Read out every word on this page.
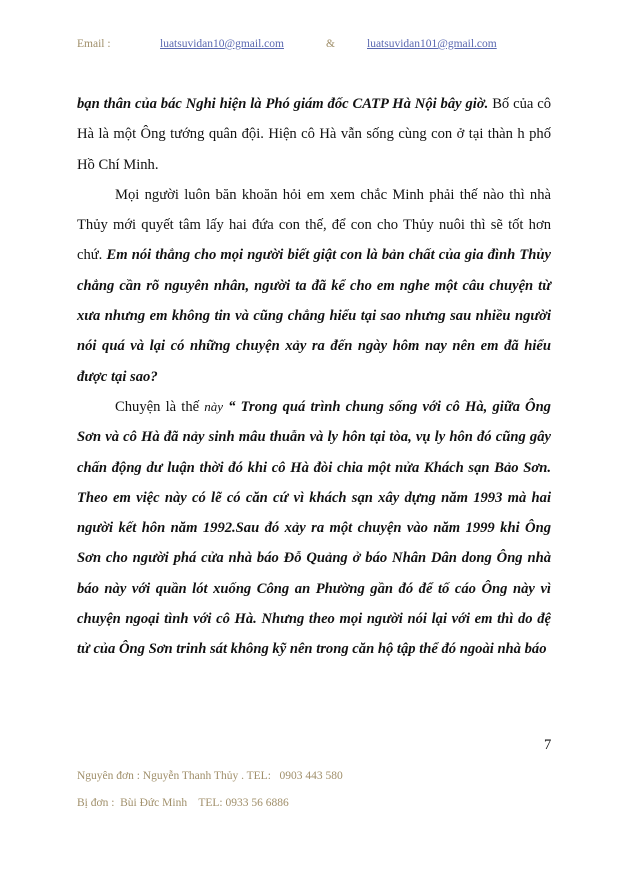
Email :	luatsuvidan10@gmail.com	&	luatsuvidan101@gmail.com

bạn thân của bác Nghi hiện là Phó giám đốc CATP Hà Nội bây giờ. Bố của cô Hà là một Ông tướng quân đội. Hiện cô Hà vẫn sống cùng con ở tại thàn h phố Hồ Chí Minh.

Mọi người luôn băn khoăn hỏi em xem chắc Minh phải thế nào thì nhà Thủy mới quyết tâm lấy hai đứa con thế, để con cho Thủy nuôi thì sẽ tốt hơn chứ. Em nói thẳng cho mọi người biết giật con là bản chất của gia đình Thủy chẳng cần rõ nguyên nhân, người ta đã kể cho em nghe một câu chuyện từ xưa nhưng em không tin và cũng chẳng hiểu tại sao nhưng sau nhiều người nói quá và lại có những chuyện xảy ra đến ngày hôm nay nên em đã hiểu được tại sao?

Chuyện là thế này “ Trong quá trình chung sống với cô Hà, giữa Ông Sơn và cô Hà đã nảy sinh mâu thuẫn và ly hôn tại tòa, vụ ly hôn đó cũng gây chấn động dư luận thời đó khi cô Hà đòi chia một nửa Khách sạn Bảo Sơn. Theo em việc này có lẽ có căn cứ vì khách sạn xây dựng năm 1993 mà hai người kết hôn năm 1992.Sau đó xảy ra một chuyện vào năm 1999 khi Ông Sơn cho người phá cửa nhà báo Đỗ Quảng ở báo Nhân Dân dong Ông nhà báo này với quần lót xuống Công an Phường gần đó để tố cáo Ông này vì chuyện ngoại tình với cô Hà. Nhưng theo mọi người nói lại với em thì do đệ tử của Ông Sơn trinh sát không kỹ nên trong căn hộ tập thể đó ngoài nhà báo

7
Nguyên đơn : Nguyễn Thanh Thủy . TEL:   0903 443 580
Bị đơn :  Bùi Đức Minh    TEL: 0933 56 6886
